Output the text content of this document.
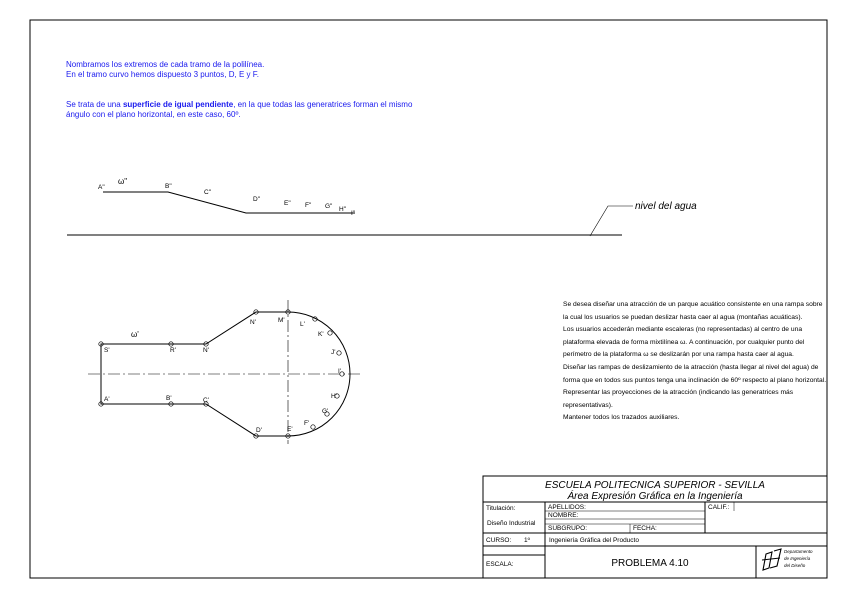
nivel del agua
ω"
A"	B"
C"
D"
E" F" G" H"
I"
ω'
S'	R'	N'
A'	B'	C'
D'	E'
F'
G'
H'
I'
J'
K'
L'
M'
N'
ESCUELA POLITECNICA SUPERIOR - SEVILLA
Área Expresión Gráfica en la Ingeniería
Titulación:
Diseño Industrial
APELLIDOS:
NOMBRE:
SUBGRUPO:	FECHA:
CALIF.:
CURSO: 1º	Ingeniería Gráfica del Producto
ESCALA:	PROBLEMA 4.10
Departamento
de Ingeniería
del Diseño

Nombramos los extremos de cada tramo de la polilínea.

En el tramo curvo hemos dispuesto 3 puntos, D, E y F.

Se trata de una superficie de igual pendiente, en la que todas las generatrices forman el mismo

ángulo con el plano horizontal, en este caso, 60º.

Se desea diseñar una atracción de un parque acuático consistente en una rampa sobre la cual los usuarios se puedan deslizar hasta caer al agua (montañas acuáticas).

Los usuarios accederán mediante escaleras (no representadas) al centro de una plataforma elevada de forma mixtilínea ω. A continuación, por cualquier punto del perímetro de la plataforma ω se deslizarán por una rampa hasta caer al agua.

Diseñar las rampas de deslizamiento de la atracción (hasta llegar al nivel del agua) de forma que en todos sus puntos tenga una inclinación de 60º respecto al plano horizontal.

Representar las proyecciones de la atracción (indicando las generatrices más representativas).

Mantener todos los trazados auxiliares.
